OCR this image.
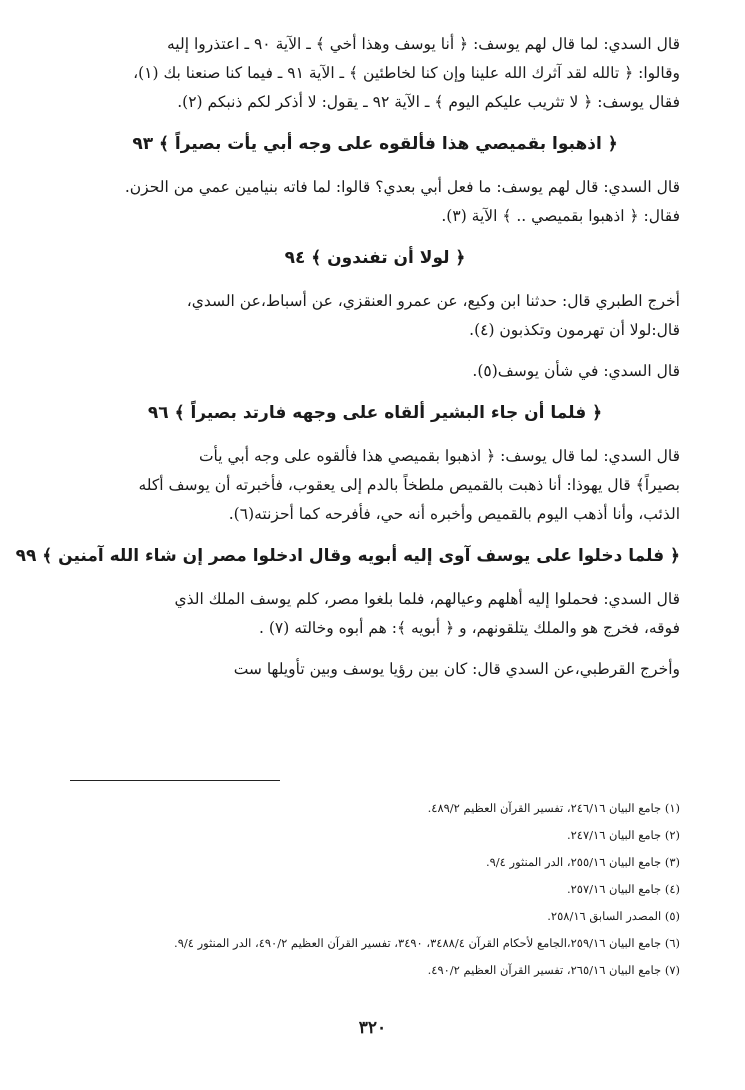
قال السدي: لما قال لهم يوسف: ﴿ أنا يوسف وهذا أخي ﴾ ـ الآية ٩٠ ـ اعتذروا إليه
وقالوا: ﴿ تالله لقد آثرك الله علينا وإن كنا لخاطئين ﴾ ـ الآية ٩١ ـ فيما كنا صنعنا بك (١)،
فقال يوسف: ﴿ لا تثريب عليكم اليوم ﴾ ـ الآية ٩٢ ـ يقول: لا أذكر لكم ذنبكم (٢).
﴿ اذهبوا بقميصي هذا فألقوه على وجه أبي يأت بصيراً ﴾ ٩٣
قال السدي: قال لهم يوسف: ما فعل أبي بعدي؟ قالوا: لما فاته بنيامين عمي من الحزن.
فقال: ﴿ اذهبوا بقميصي .. ﴾ الآية (٣).
﴿ لولا أن تفندون ﴾ ٩٤
أخرج الطبري قال: حدثنا ابن وكيع، عن عمرو العنقزي، عن أسباط،عن السدي،
قال:لولا أن تهرمون وتكذبون (٤).
قال السدي: في شأن يوسف(٥).
﴿ فلما أن جاء البشير ألقاه على وجهه فارتد بصيراً ﴾ ٩٦
قال السدي: لما قال يوسف: ﴿ اذهبوا بقميصي هذا فألقوه على وجه أبي يأت
بصيراً﴾ قال يهوذا: أنا ذهبت بالقميص ملطخاً بالدم إلى يعقوب، فأخبرته أن يوسف أكله
الذئب، وأنا أذهب اليوم بالقميص وأخبره أنه حي، فأفرحه كما أحزنته(٦).
﴿ فلما دخلوا على يوسف آوى إليه أبويه وقال ادخلوا مصر إن شاء الله آمنين ﴾ ٩٩
قال السدي: فحملوا إليه أهلهم وعيالهم، فلما بلغوا مصر، كلم يوسف الملك الذي
فوقه، فخرج هو والملك يتلقونهم، و ﴿ أبويه ﴾: هم أبوه وخالته (٧) .
وأخرج القرطبي،عن السدي قال: كان بين رؤيا يوسف وبين تأويلها ست
(١) جامع البيان ٢٤٦/١٦، تفسير القرآن العظيم ٤٨٩/٢.
(٢) جامع البيان ٢٤٧/١٦.
(٣) جامع البيان ٢٥٥/١٦، الدر المنثور ٩/٤.
(٤) جامع البيان ٢٥٧/١٦.
(٥) المصدر السابق ٢٥٨/١٦.
(٦) جامع البيان ٢٥٩/١٦،الجامع لأحكام القرآن ٣٤٨٨/٤، ٣٤٩٠، تفسير القرآن العظيم ٤٩٠/٢، الدر المنثور ٩/٤.
(٧) جامع البيان ٢٦٥/١٦، تفسير القرآن العظيم ٤٩٠/٢.
٣٢٠
